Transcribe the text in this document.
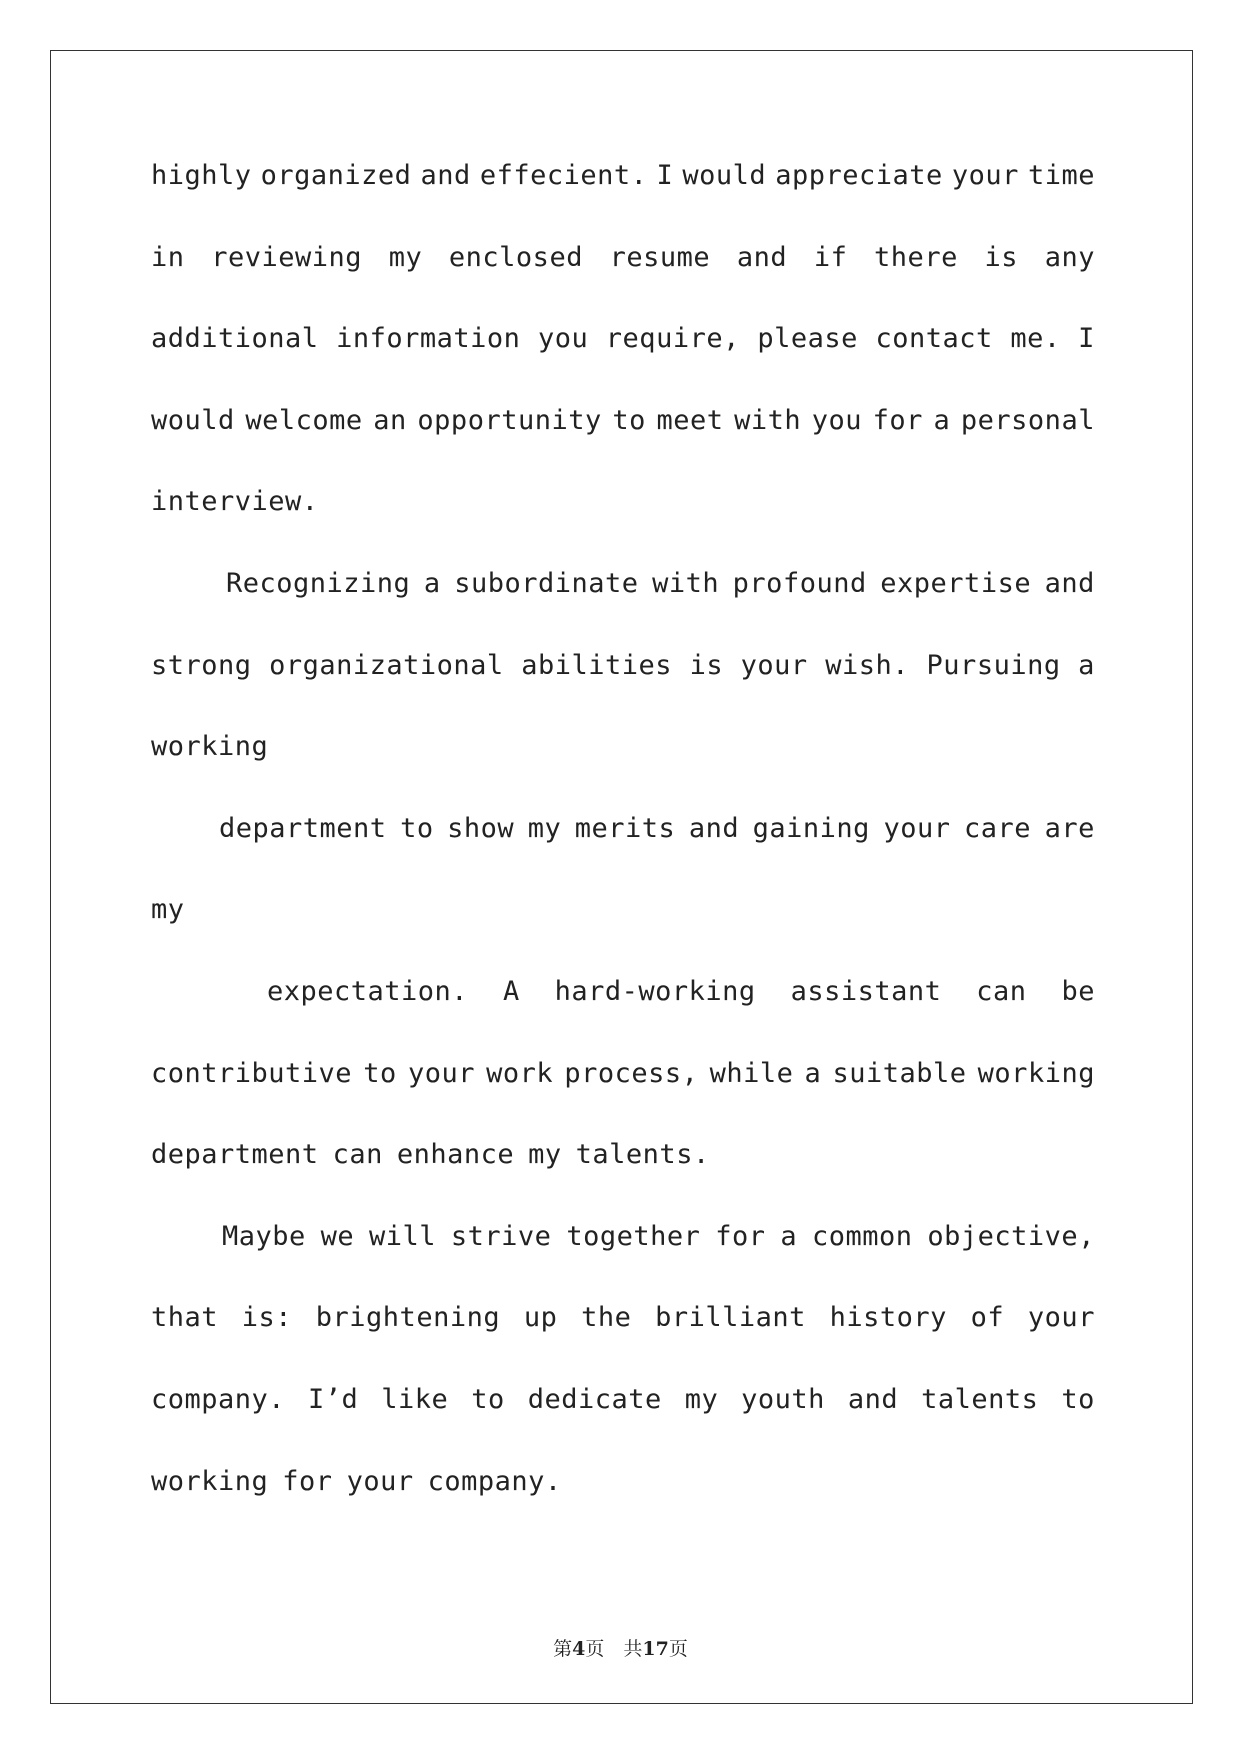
highly organized and effecient. I would appreciate your time
in reviewing my enclosed resume and if there is any
additional information you require, please contact me. I
would welcome an opportunity to meet with you for a personal
interview.
Recognizing a subordinate with profound expertise and
strong organizational abilities is your wish. Pursuing a
working
department to show my merits and gaining your care are
my
expectation. A hard-working assistant can be
contributive to your work process, while a suitable working
department can enhance my talents.
Maybe we will strive together for a common objective,
that is: brightening up the brilliant history of your
company. I’d like to dedicate my youth and talents to
working for your company.
第4页　共17页
